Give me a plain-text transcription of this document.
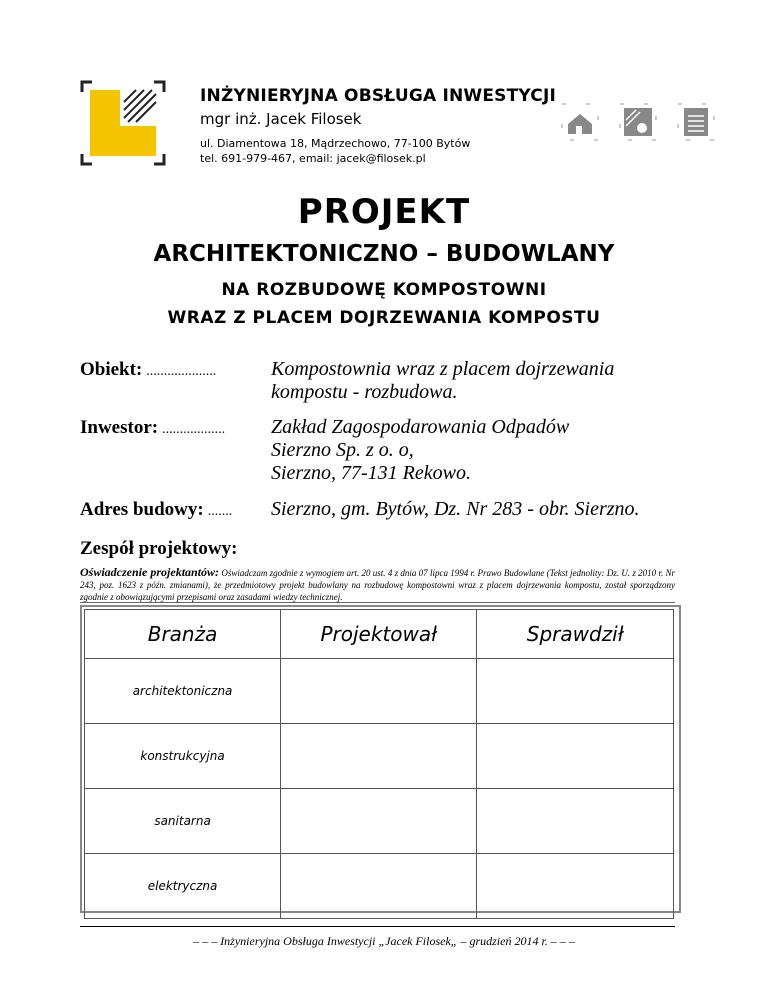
INŻYNIERYJNA OBSŁUGA INWESTYCJI
mgr inż. Jacek Filosek
ul. Diamentowa 18, Mądrzechowo, 77-100 Bytów
tel. 691-979-467, email: jacek@filosek.pl
PROJEKT
ARCHITEKTONICZNO – BUDOWLANY
NA ROZBUDOWĘ KOMPOSTOWNI
WRAZ Z PLACEM DOJRZEWANIA KOMPOSTU
Obiekt: ....................	Kompostownia wraz z placem dojrzewania
kompostu - rozbudowa.
Inwestor: .................. Zakład Zagospodarowania Odpadów
Sierzno Sp. z o. o,
Sierzno, 77-131 Rekowo.
Adres budowy: ....... Sierzno, gm. Bytów, Dz. Nr 283 - obr. Sierzno.
Zespół projektowy:
Oświadczenie projektantów: Oświadczam zgodnie z wymogiem art. 20 ust. 4 z dnia 07 lipca 1994 r. Prawo Budowlane (Tekst jednolity: Dz. U. z 2010 r. Nr 243, poz. 1623 z późn. zmianami), że przedmiotowy projekt budowlany na rozbudowę kompostowni wraz z placem dojrzewania kompostu, został sporządzony zgodnie z obowiązującymi przepisami oraz zasadami wiedzy technicznej.
Branża	Projektował	Sprawdził
architektoniczna		
konstrukcyjna		
sanitarna		
elektryczna		
– – – Inżynieryjna Obsługa Inwestycji „Jacek Filosek„ – grudzień 2014 r. – – –
